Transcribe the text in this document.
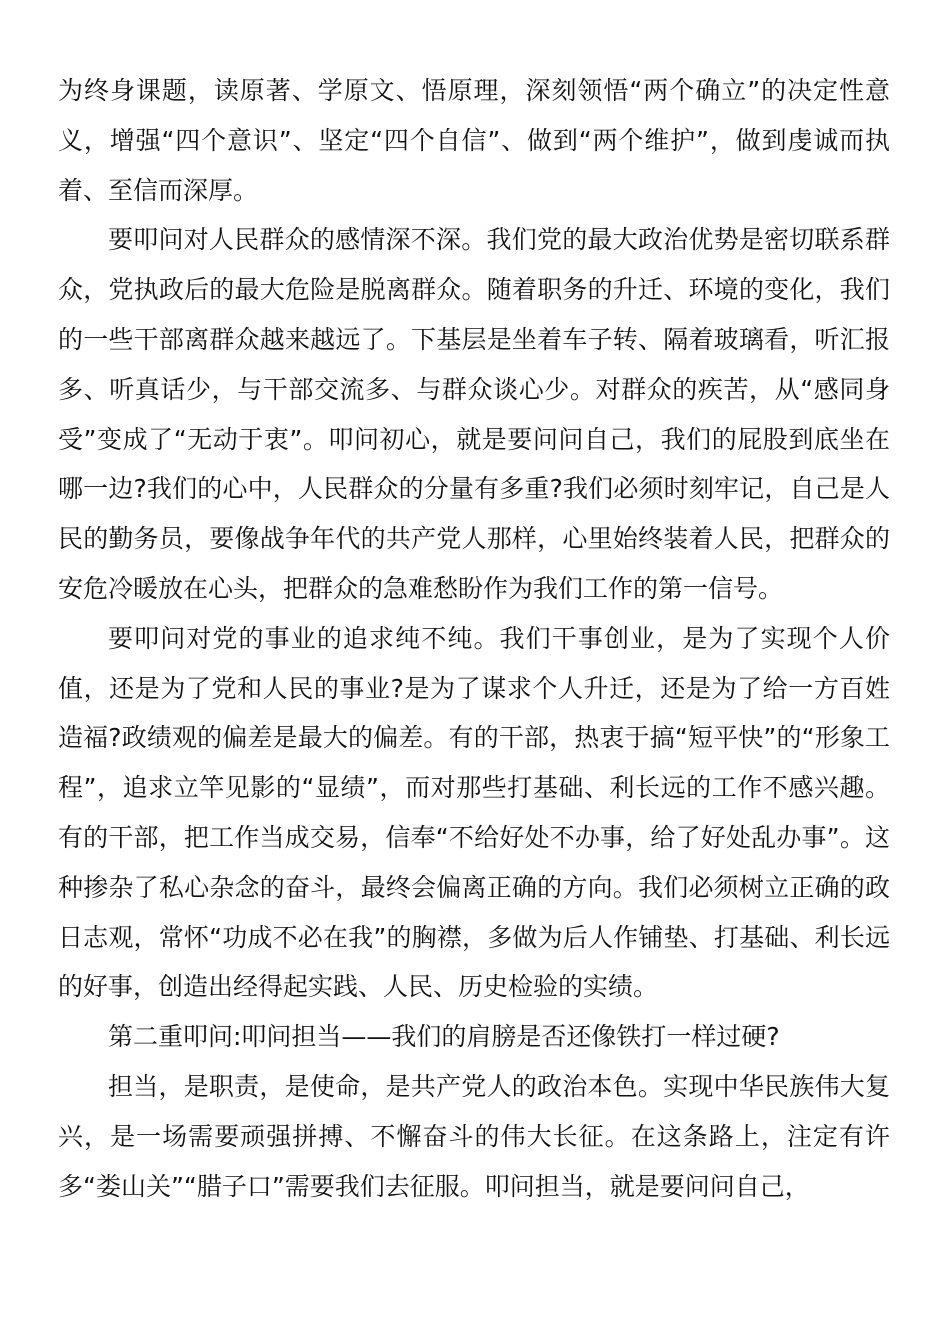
为终身课题，读原著、学原文、悟原理，深刻领悟“两个确立”的决定性意义，增强“四个意识”、坚定“四个自信”、做到“两个维护”，做到虔诚而执着、至信而深厚。

要叩问对人民群众的感情深不深。我们党的最大政治优势是密切联系群众，党执政后的最大危险是脱离群众。随着职务的升迁、环境的变化，我们的一些干部离群众越来越远了。下基层是坐着车子转、隔着玻璃看，听汇报多、听真话少，与干部交流多、与群众谈心少。对群众的疾苦，从“感同身受”变成了“无动于衷”。叩问初心，就是要问问自己，我们的屁股到底坐在哪一边?我们的心中，人民群众的分量有多重?我们必须时刻牢记，自己是人民的勤务员，要像战争年代的共产党人那样，心里始终装着人民，把群众的安危冷暖放在心头，把群众的急难愁盼作为我们工作的第一信号。

要叩问对党的事业的追求纯不纯。我们干事创业，是为了实现个人价值，还是为了党和人民的事业?是为了谋求个人升迁，还是为了给一方百姓造福?政绩观的偏差是最大的偏差。有的干部，热衷于搞“短平快”的“形象工程”，追求立竿见影的“显绩”，而对那些打基础、利长远的工作不感兴趣。有的干部，把工作当成交易，信奉“不给好处不办事，给了好处乱办事”。这种掺杂了私心杂念的奋斗，最终会偏离正确的方向。我们必须树立正确的政日志观，常怀“功成不必在我”的胸襟，多做为后人作铺垫、打基础、利长远的好事，创造出经得起实践、人民、历史检验的实绩。

第二重叩问:叩问担当——我们的肩膀是否还像铁打一样过硬?

担当，是职责，是使命，是共产党人的政治本色。实现中华民族伟大复兴，是一场需要顽强拼搏、不懈奋斗的伟大长征。在这条路上，注定有许多“娄山关”“腊子口”需要我们去征服。叩问担当，就是要问问自己，
